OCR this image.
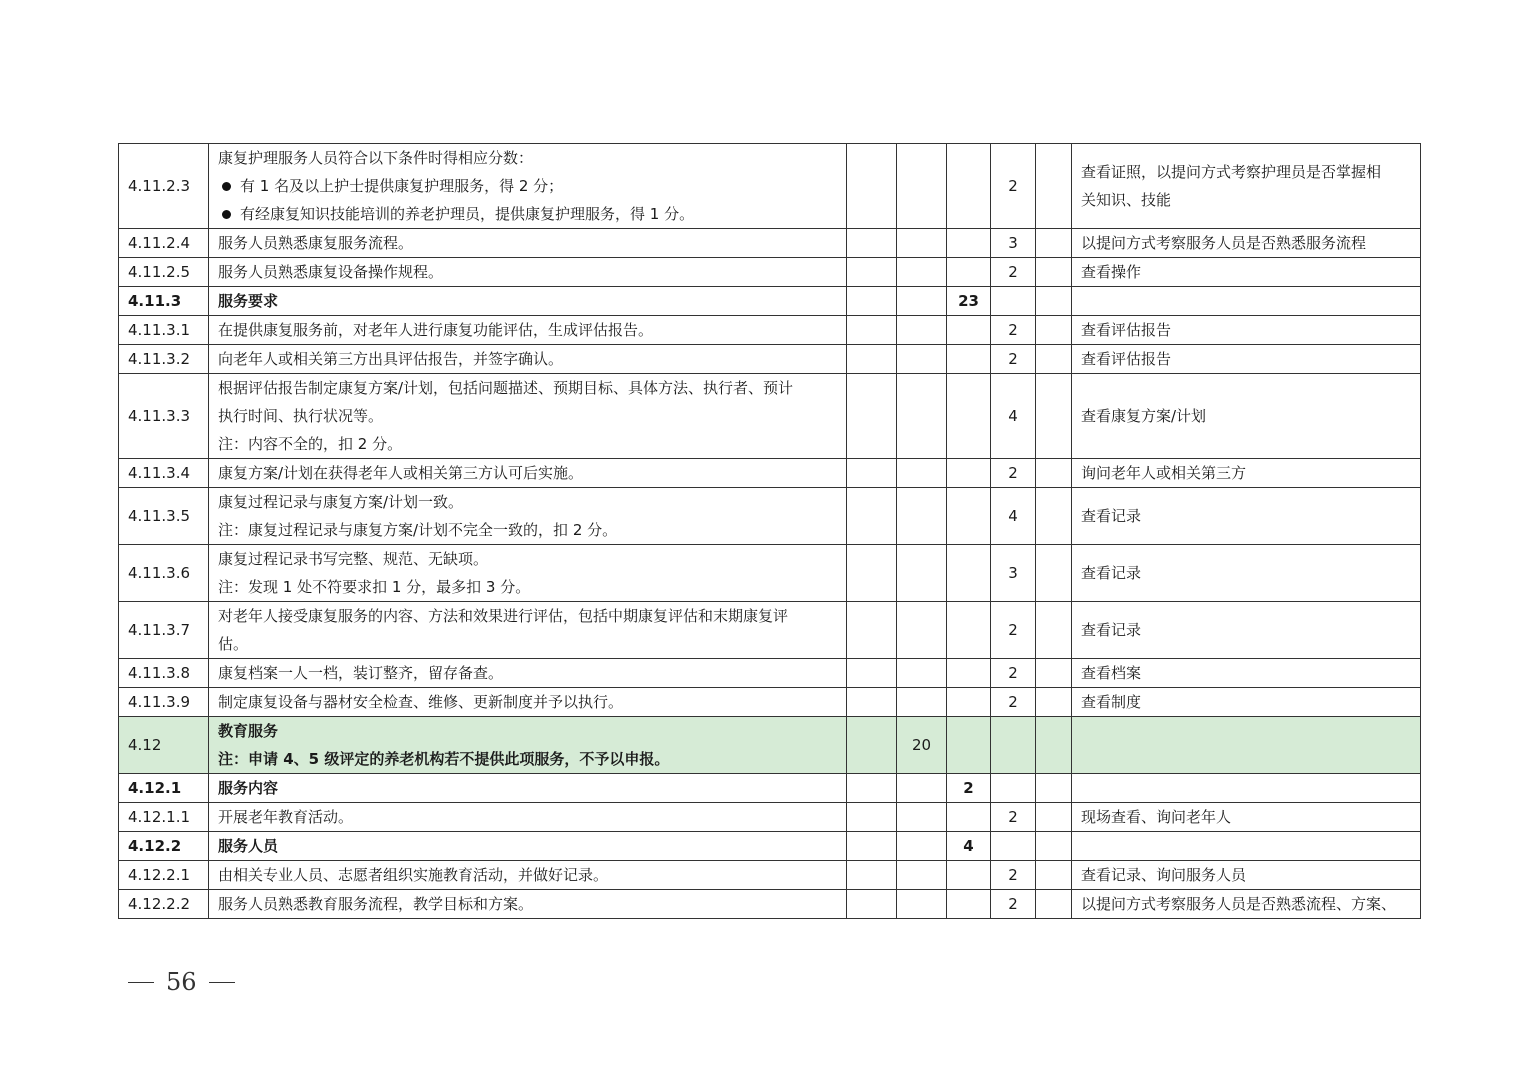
4.11.2.3	康复护理服务人员符合以下条件时得相应分数：
有 1 名及以上护士提供康复护理服务，得 2 分；
有经康复知识技能培训的养老护理员，提供康复护理服务，得 1 分。				2		查看证照，以提问方式考察护理员是否掌握相
关知识、技能

4.11.2.4	服务人员熟悉康复服务流程。				3		以提问方式考察服务人员是否熟悉服务流程

4.11.2.5	服务人员熟悉康复设备操作规程。				2		查看操作

4.11.3	服务要求			23			
4.11.3.1	在提供康复服务前，对老年人进行康复功能评估，生成评估报告。				2		查看评估报告

4.11.3.2	向老年人或相关第三方出具评估报告，并签字确认。				2		查看评估报告

4.11.3.3	根据评估报告制定康复方案/计划，包括问题描述、预期目标、具体方法、执行者、预计
执行时间、执行状况等。
注：内容不全的，扣 2 分。				4		查看康复方案/计划

4.11.3.4	康复方案/计划在获得老年人或相关第三方认可后实施。				2		询问老年人或相关第三方

4.11.3.5	康复过程记录与康复方案/计划一致。
注：康复过程记录与康复方案/计划不完全一致的，扣 2 分。				4		查看记录

4.11.3.6	康复过程记录书写完整、规范、无缺项。
注：发现 1 处不符要求扣 1 分，最多扣 3 分。				3		查看记录

4.11.3.7	对老年人接受康复服务的内容、方法和效果进行评估，包括中期康复评估和末期康复评
估。				2		查看记录

4.11.3.8	康复档案一人一档，装订整齐，留存备查。				2		查看档案

4.11.3.9	制定康复设备与器材安全检查、维修、更新制度并予以执行。				2		查看制度

4.12	教育服务
注：申请 4、5 级评定的养老机构若不提供此项服务，不予以申报。		20				
4.12.1	服务内容			2			
4.12.1.1	开展老年教育活动。				2		现场查看、询问老年人

4.12.2	服务人员			4			
4.12.2.1	由相关专业人员、志愿者组织实施教育活动，并做好记录。				2		查看记录、询问服务人员

4.12.2.2	服务人员熟悉教育服务流程，教学目标和方案。				2		以提问方式考察服务人员是否熟悉流程、方案、
56
